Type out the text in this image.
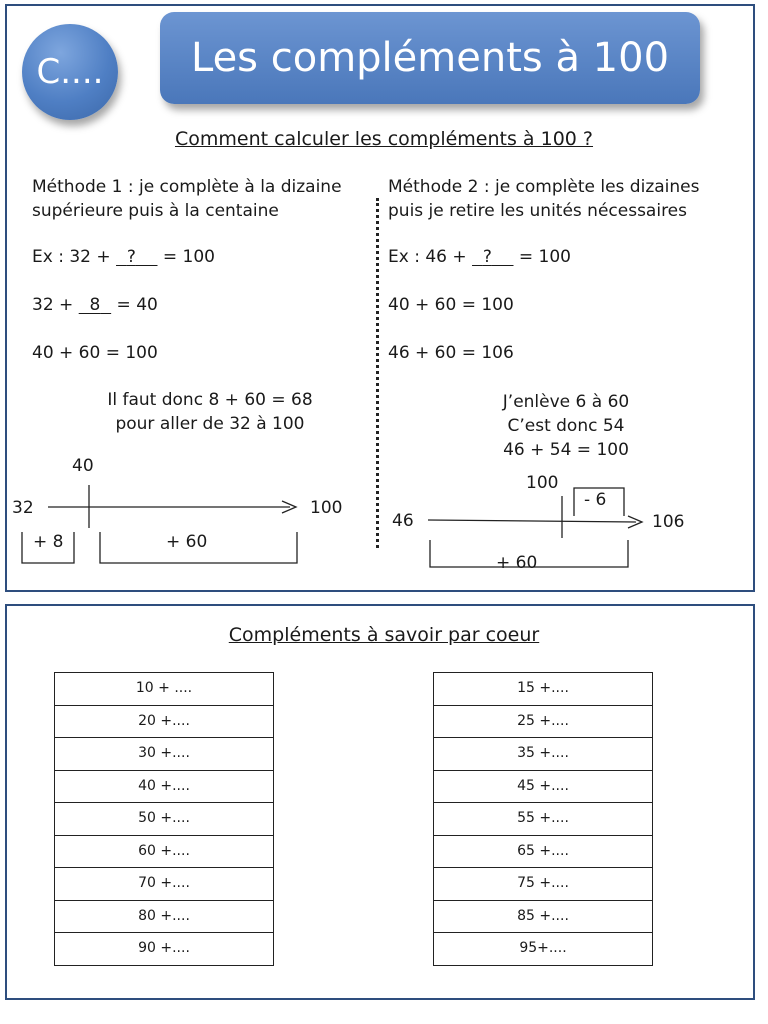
C....	Les compléments à 100
Comment calculer les compléments à 100 ?
Méthode 1 : je complète à la dizaine
supérieure puis à la centaine
Ex : 32 + ? = 100
32 + 8 = 40
40 + 60 = 100
Il faut donc 8 + 60 = 68
pour aller de 32 à 100
40
32	100
+ 8	+ 60
Méthode 2 : je complète les dizaines
puis je retire les unités nécessaires
Ex : 46 + ? = 100
40 + 60 = 100
46 + 60 = 106
J’enlève 6 à 60
C’est donc 54
46 + 54 = 100
100
46	106
- 6
+ 60
Compléments à savoir par coeur
10 + ....
20 +....
30 +....
40 +....
50 +....
60 +....
70 +....
80 +....
90 +....
15 +....
25 +....
35 +....
45 +....
55 +....
65 +....
75 +....
85 +....
95+....
